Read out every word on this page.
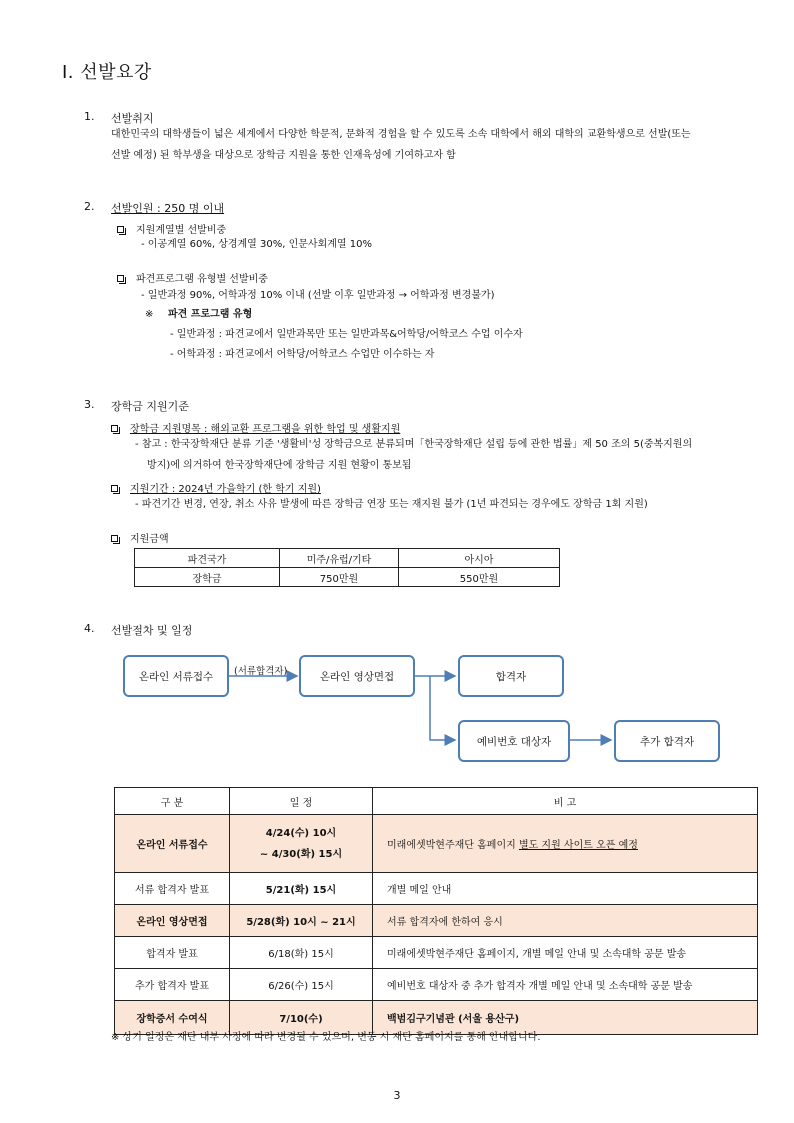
Ⅰ. 선발요강
1. 선발취지
대한민국의 대학생들이 넓은 세계에서 다양한 학문적, 문화적 경험을 할 수 있도록 소속 대학에서 해외 대학의 교환학생으로 선발(또는
선발 예정) 된 학부생을 대상으로 장학금 지원을 통한 인재육성에 기여하고자 함
2. 선발인원 : 250 명 이내
지원계열별 선발비중
- 이공계열 60%, 상경계열 30%, 인문사회계열 10%
파견프로그램 유형별 선발비중
- 일반과정 90%, 어학과정 10% 이내 (선발 이후 일반과정 → 어학과정 변경불가)
※ 파견 프로그램 유형
- 일반과정 : 파견교에서 일반과목만 또는 일반과목&어학당/어학코스 수업 이수자
- 어학과정 : 파견교에서 어학당/어학코스 수업만 이수하는 자
3. 장학금 지원기준
장학금 지원명목 : 해외교환 프로그램을 위한 학업 및 생활지원
- 참고 : 한국장학재단 분류 기준 '생활비'성 장학금으로 분류되며「한국장학재단 설립 등에 관한 법률」제 50 조의 5(중복지원의
방지)에 의거하여 한국장학재단에 장학금 지원 현황이 통보됨
지원기간 : 2024년 가을학기 (한 학기 지원)
- 파견기간 변경, 연장, 취소 사유 발생에 따른 장학금 연장 또는 재지원 불가 (1년 파견되는 경우에도 장학금 1회 지원)
지원금액
파견국가	미주/유럽/기타	아시아
장학금	750만원	550만원
4. 선발절차 및 일정
온라인 서류접수	(서류합격자)	온라인 영상면접	합격자
예비번호 대상자	추가 합격자
구 분	일 정	비 고
온라인 서류접수	4/24(수) 10시
~ 4/30(화) 15시	미래에셋박현주재단 홈페이지 별도 지원 사이트 오픈 예정
서류 합격자 발표	5/21(화) 15시	개별 메일 안내
온라인 영상면접	5/28(화) 10시 ~ 21시	서류 합격자에 한하여 응시
합격자 발표	6/18(화) 15시	미래에셋박현주재단 홈페이지, 개별 메일 안내 및 소속대학 공문 발송
추가 합격자 발표	6/26(수) 15시	예비번호 대상자 중 추가 합격자 개별 메일 안내 및 소속대학 공문 발송
장학증서 수여식	7/10(수)	백범김구기념관 (서울 용산구)
※ 상기 일정은 재단 내부 사정에 따라 변경될 수 있으며, 변동 시 재단 홈페이지를 통해 안내합니다.
3
